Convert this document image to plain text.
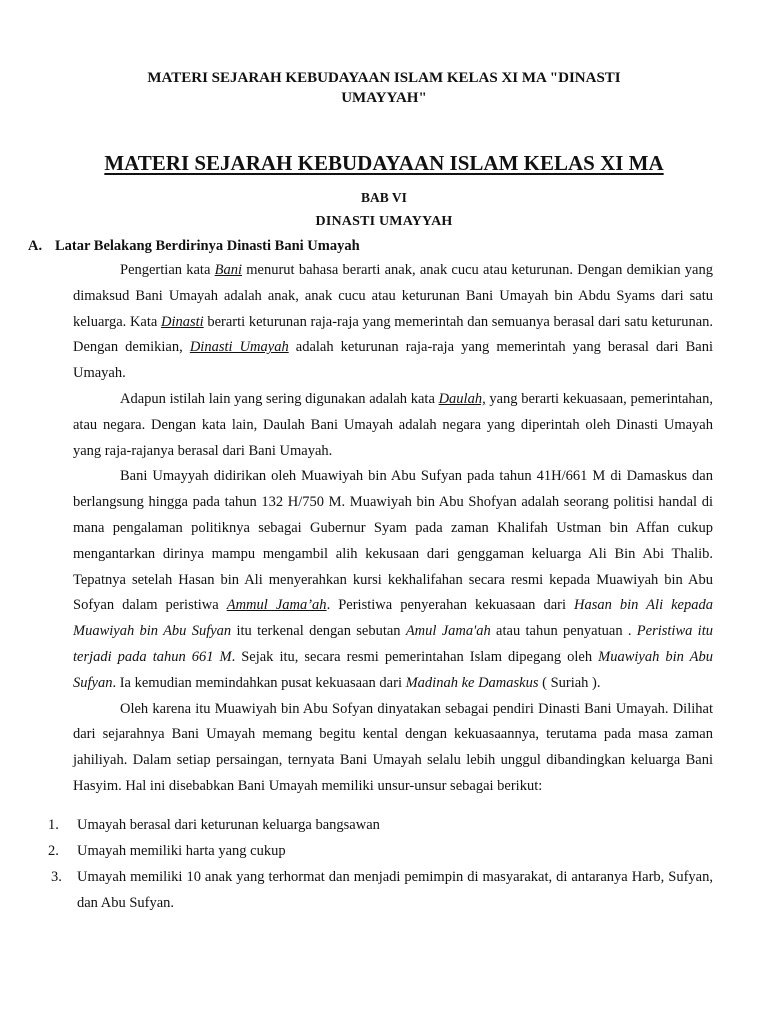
MATERI SEJARAH KEBUDAYAAN ISLAM KELAS XI MA "DINASTI
UMAYYAH"
MATERI SEJARAH KEBUDAYAAN ISLAM KELAS XI MA
BAB VI
DINASTI UMAYYAH
A. Latar Belakang Berdirinya Dinasti Bani Umayah

Pengertian kata Bani menurut bahasa berarti anak, anak cucu atau keturunan. Dengan demikian yang dimaksud Bani Umayah adalah anak, anak cucu atau keturunan Bani Umayah bin Abdu Syams dari satu keluarga. Kata Dinasti berarti keturunan raja-raja yang memerintah dan semuanya berasal dari satu keturunan. Dengan demikian, Dinasti Umayah adalah keturunan raja-raja yang memerintah yang berasal dari Bani Umayah.

Adapun istilah lain yang sering digunakan adalah kata Daulah, yang berarti kekuasaan, pemerintahan, atau negara. Dengan kata lain, Daulah Bani Umayah adalah negara yang diperintah oleh Dinasti Umayah yang raja-rajanya berasal dari Bani Umayah.

Bani Umayyah didirikan oleh Muawiyah bin Abu Sufyan pada tahun 41H/661 M di Damaskus dan berlangsung hingga pada tahun 132 H/750 M. Muawiyah bin Abu Shofyan adalah seorang politisi handal di mana pengalaman politiknya sebagai Gubernur Syam pada zaman Khalifah Ustman bin Affan cukup mengantarkan dirinya mampu mengambil alih kekusaan dari genggaman keluarga Ali Bin Abi Thalib. Tepatnya setelah Hasan bin Ali menyerahkan kursi kekhalifahan secara resmi kepada Muawiyah bin Abu Sofyan dalam peristiwa Ammul Jama’ah. Peristiwa penyerahan kekuasaan dari Hasan bin Ali kepada Muawiyah bin Abu Sufyan itu terkenal dengan sebutan Amul Jama'ah atau tahun penyatuan . Peristiwa itu terjadi pada tahun 661 M. Sejak itu, secara resmi pemerintahan Islam dipegang oleh Muawiyah bin Abu Sufyan. Ia kemudian memindahkan pusat kekuasaan dari Madinah ke Damaskus ( Suriah ).

Oleh karena itu Muawiyah bin Abu Sofyan dinyatakan sebagai pendiri Dinasti Bani Umayah. Dilihat dari sejarahnya Bani Umayah memang begitu kental dengan kekuasaannya, terutama pada masa zaman jahiliyah. Dalam setiap persaingan, ternyata Bani Umayah selalu lebih unggul dibandingkan keluarga Bani Hasyim. Hal ini disebabkan Bani Umayah memiliki unsur-unsur sebagai berikut:

1. Umayah berasal dari keturunan keluarga bangsawan
2. Umayah memiliki harta yang cukup
3. Umayah memiliki 10 anak yang terhormat dan menjadi pemimpin di masyarakat, di antaranya Harb, Sufyan, dan Abu Sufyan.
